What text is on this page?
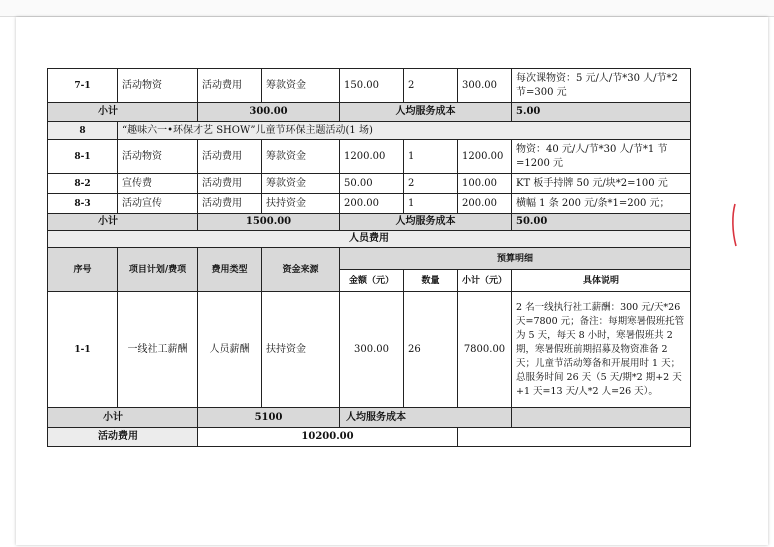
7-1	活动物资	活动费用	筹款资金	150.00	2	300.00	每次课物资：5 元/人/节*30 人/节*2 节=300 元
小计		300.00		人均服务成本			5.00
8	“趣味六一•环保才艺 SHOW”儿童节环保主题活动(1 场)						
8-1	活动物资	活动费用	筹款资金	1200.00	1	1200.00	物资：40 元/人/节*30 人/节*1 节=1200 元
8-2	宣传费	活动费用	筹款资金	50.00	2	100.00	KT 板手持牌 50 元/块*2=100 元
8-3	活动宣传	活动费用	扶持资金	200.00	1	200.00	横幅 1 条 200 元/条*1=200 元；
小计		1500.00		人均服务成本			50.00
人员费用							
序号	项目计划/费项	费用类型	资金来源	预算明细			
				金额（元）	数量	小计（元）	具体说明
1-1	一线社工薪酬	人员薪酬	扶持资金	300.00	26	7800.00	2 名一线执行社工薪酬：300 元/天*26 天=7800 元；备注：每期寒暑假班托管为 5 天，每天 8 小时，寒暑假班共 2 期，寒暑假班前期招募及物资准备 2 天；儿童节活动筹备和开展用时 1 天；总服务时间 26 天（5 天/期*2 期+2 天+1 天=13 天/人*2 人=26 天）。
小计		5100		人均服务成本			
活动费用		10200.00					
